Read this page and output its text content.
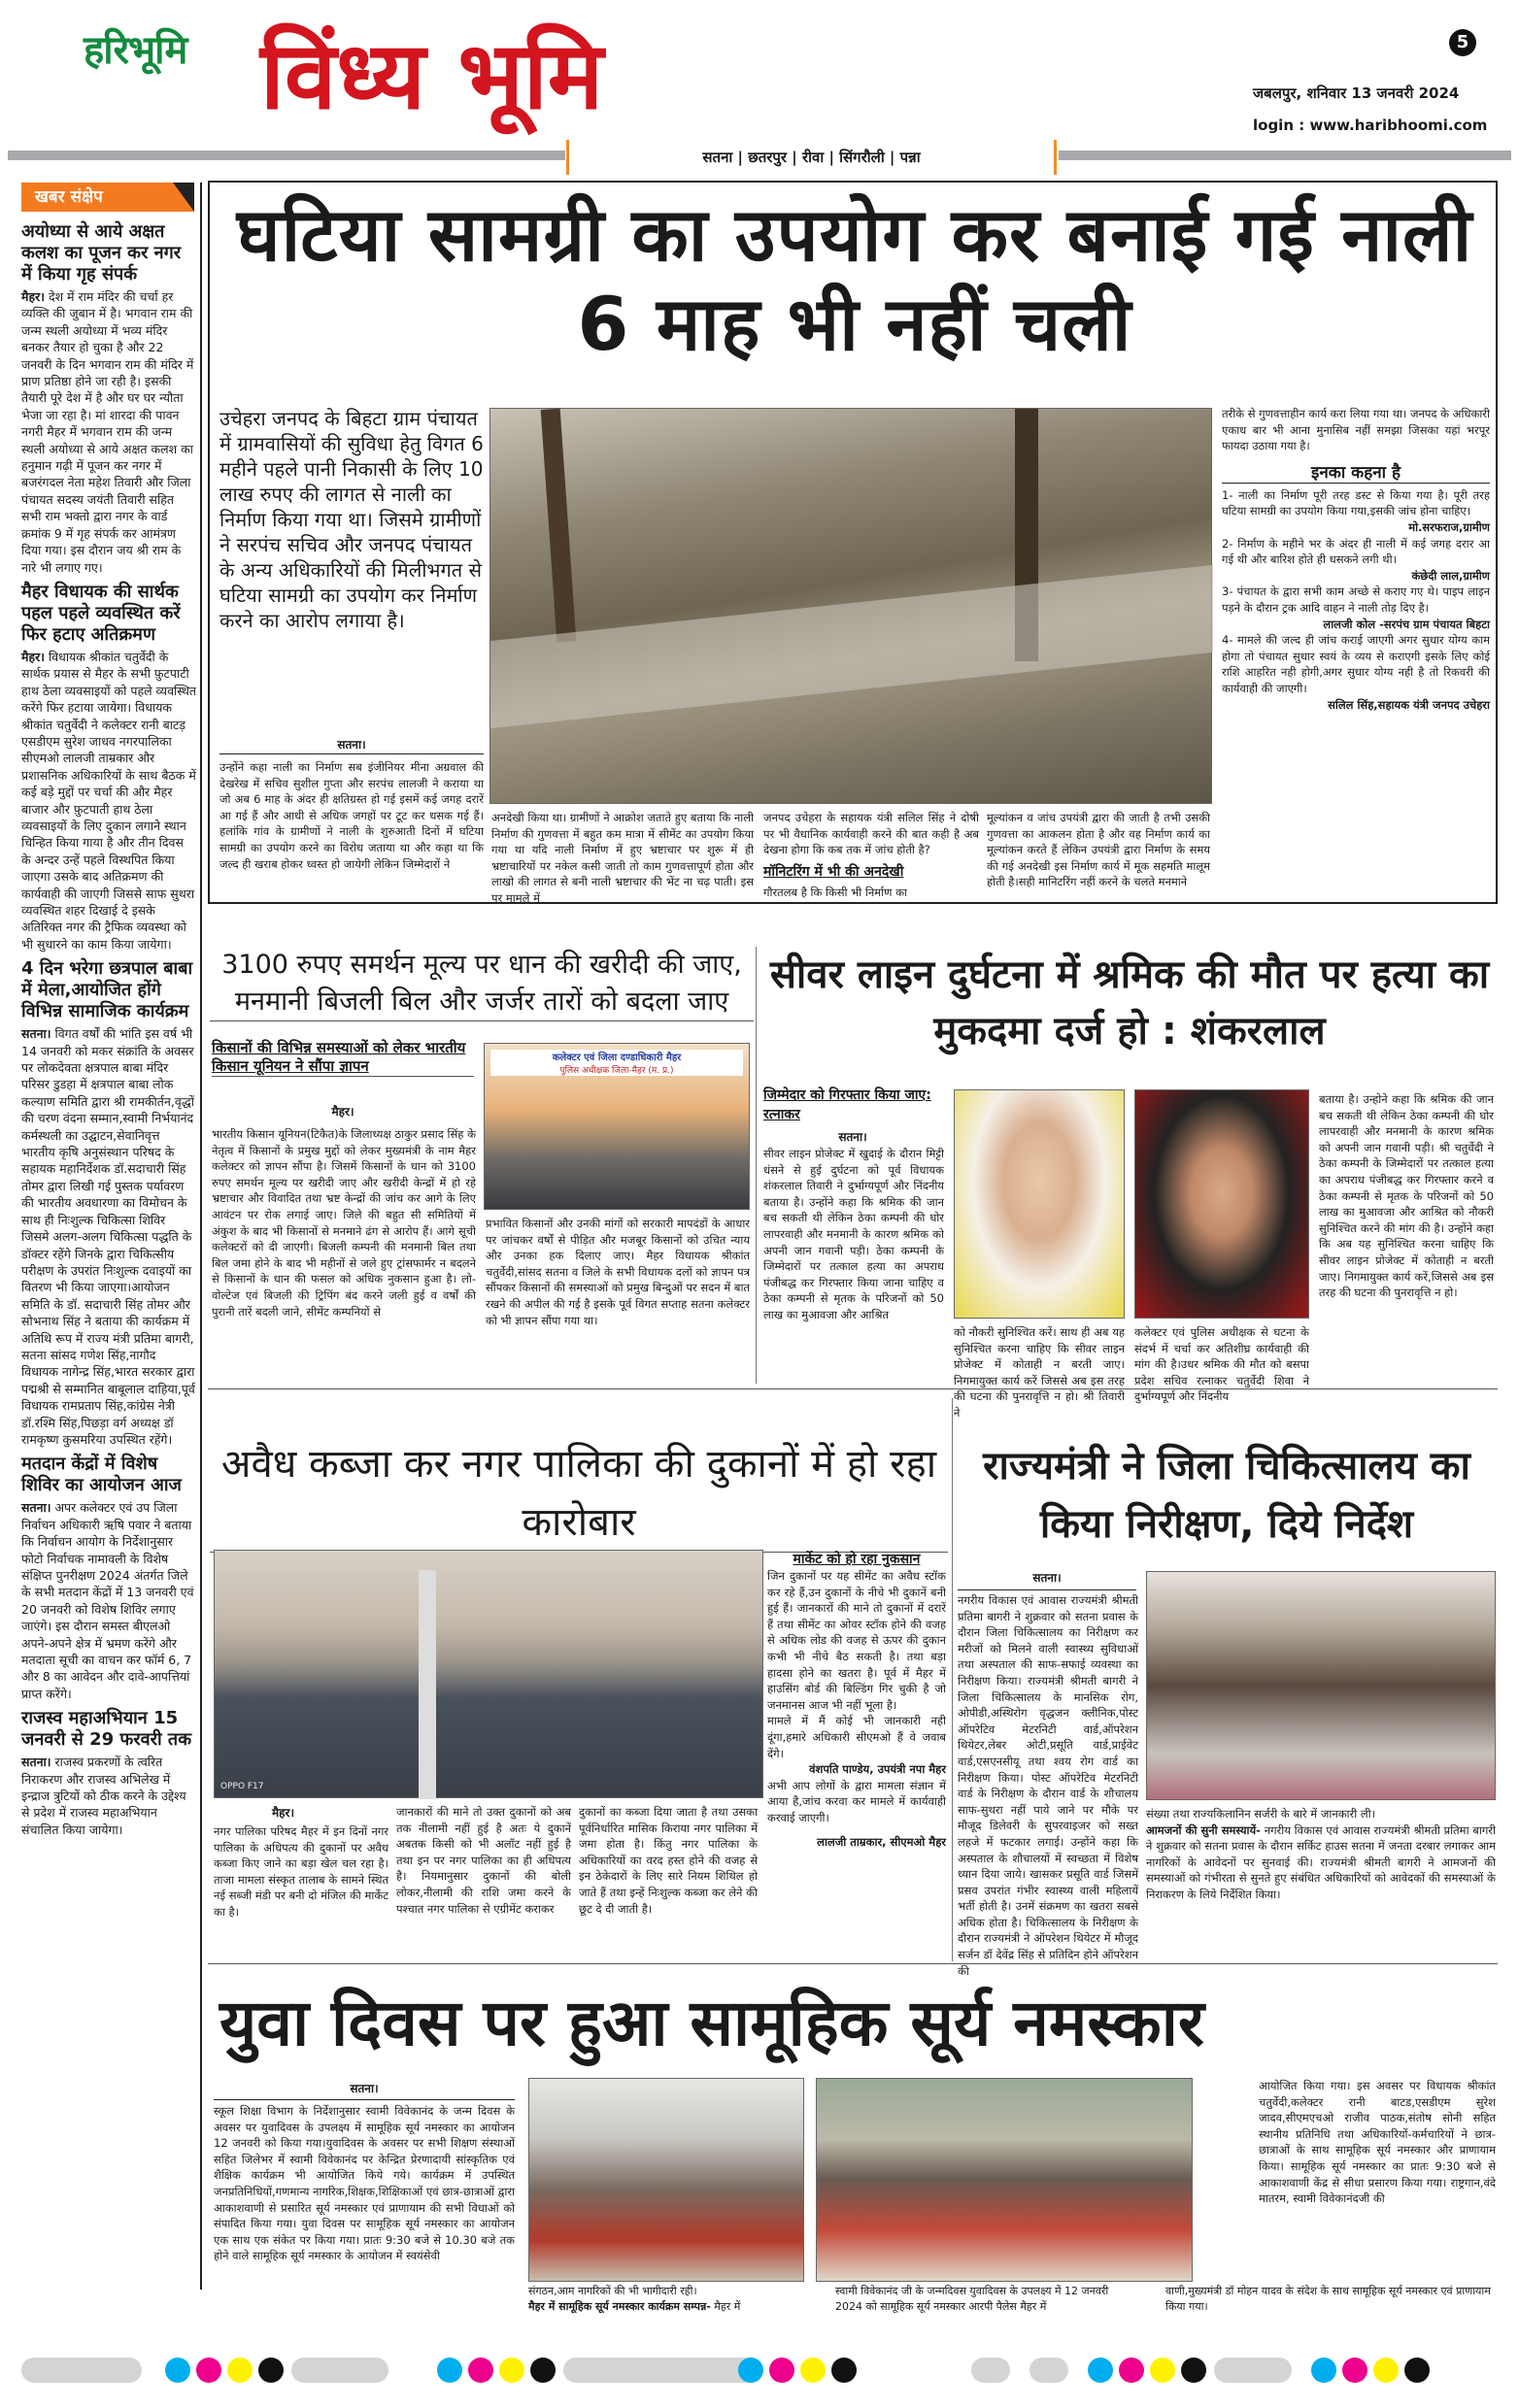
हरिभूमि विंध्य भूमि	5
जबलपुर, शनिवार 13 जनवरी 2024
login : www.haribhoomi.com
सतना | छतरपुर | रीवा | सिंगरौली | पन्ना
खबर संक्षेप
अयोध्या से आये अक्षत कलश का पूजन कर नगर में किया गृह संपर्क

मैहर। देश में राम मंदिर की चर्चा हर व्यक्ति की जुबान में है। भगवान राम की जन्म स्थली अयोध्या में भव्य मंदिर बनकर तैयार हो चुका है और 22 जनवरी के दिन भगवान राम की मंदिर में प्राण प्रतिष्ठा होने जा रही है। इसकी तैयारी पूरे देश में है और घर घर न्यौता भेजा जा रहा है। मां शारदा की पावन नगरी मैहर में भगवान राम की जन्म स्थली अयोध्या से आये अक्षत कलश का हनुमान गढ़ी में पूजन कर नगर में बजरंगदल नेता महेश तिवारी और जिला पंचायत सदस्य जयंती तिवारी सहित सभी राम भक्तो द्वारा नगर के वार्ड क्रमांक 9 में गृह संपर्क कर आमंत्रण दिया गया। इस दौरान जय श्री राम के नारे भी लगाए गए।

मैहर विधायक की सार्थक पहल पहले व्यवस्थित करें फिर हटाए अतिक्रमण

मैहर। विधायक श्रीकांत चतुर्वेदी के सार्थक प्रयास से मैहर के सभी फ़ुटपाटी हाथ ठेला व्यवसाइयों को पहले व्यवस्थित करेंगे फिर हटाया जायेगा। विधायक श्रीकांत चतुर्वेदी ने कलेक्टर रानी बाटड़ एसडीएम सुरेश जाधव नगरपालिका सीएमओ लालजी ताम्रकार और प्रशासनिक अधिकारियों के साथ बैठक में कई बड़े मुद्दों पर चर्चा की और मैहर बाजार और फ़ुटपाती हाथ ठेला व्यवसाइयों के लिए दुकान लगाने स्थान चिन्हित किया गाया है और तीन दिवस के अन्दर उन्हें पहले विस्थपित किया जाएगा उसके बाद अतिक्रमण की कार्यवाही की जाएगी जिससे साफ सुथरा व्यवस्थित शहर दिखाई दे इसके अतिरिक्त नगर की ट्रैफिक व्यवस्था को भी सुधारने का काम किया जायेगा।

4 दिन भरेगा छत्रपाल बाबा में मेला,आयोजित होंगे विभिन्न सामाजिक कार्यक्रम

सतना। विगत वर्षों की भांति इस वर्ष भी 14 जनवरी को मकर संक्रांति के अवसर पर लोकदेवता क्षत्रपाल बाबा मंदिर परिसर डुडहा में क्षत्रपाल बाबा लोक कल्याण समिति द्वारा श्री रामकीर्तन,वृद्धों की चरण वंदना सम्मान,स्वामी निर्भयानंद कर्मस्थली का उद्घाटन,सेवानिवृत्त भारतीय कृषि अनुसंस्थान परिषद के सहायक महानिर्देशक डॉ.सदाचारी सिंह तोमर द्वारा लिखी गई पुस्तक पर्यावरण की भारतीय अवधारणा का विमोचन के साथ ही निःशुल्क चिकित्सा शिविर जिसमे अलग-अलग चिकित्सा पद्धति के डॉक्टर रहेंगे जिनके द्वारा चिकित्सीय परीक्षण के उपरांत निःशुल्क दवाइयों का वितरण भी किया जाएगा।आयोजन समिति के डॉ. सदाचारी सिंह तोमर और सोभनाथ सिंह ने बताया की कार्यक्रम में अतिथि रूप में राज्य मंत्री प्रतिमा बागरी, सतना सांसद गणेश सिंह,नागौद विधायक नागेन्द्र सिंह,भारत सरकार द्वारा पद्मश्री से सम्मानित बाबूलाल दाहिया,पूर्व विधायक रामप्रताप सिंह,कांग्रेस नेत्री डॉ.रश्मि सिंह,पिछड़ा वर्ग अध्यक्ष डॉ रामकृष्ण कुसमरिया उपस्थित रहेंगे।

मतदान केंद्रों में विशेष शिविर का आयोजन आज

सतना। अपर कलेक्टर एवं उप जिला निर्वाचन अधिकारी ऋषि पवार ने बताया कि निर्वाचन आयोग के निर्देशानुसार फोटो निर्वाचक नामावली के विशेष संक्षिप्त पुनरीक्षण 2024 अंतर्गत जिले के सभी मतदान केंद्रों में 13 जनवरी एवं 20 जनवरी को विशेष शिविर लगाए जाएंगे। इस दौरान समस्त बीएलओ अपने-अपने क्षेत्र में भ्रमण करेंगे और मतदाता सूची का वाचन कर फॉर्म 6, 7 और 8 का आवेदन और दावे-आपत्तियां प्राप्त करेंगे।

राजस्व महाअभियान 15 जनवरी से 29 फरवरी तक

सतना। राजस्व प्रकरणों के त्वरित निराकरण और राजस्व अभिलेख में इन्द्राज त्रुटियों को ठीक करने के उद्देश्य से प्रदेश में राजस्व महाअभियान संचालित किया जायेगा।

घटिया सामग्री का उपयोग कर बनाई गई नाली 6 माह भी नहीं चली
उचेहरा जनपद के बिहटा ग्राम पंचायत में ग्रामवासियों की सुविधा हेतु विगत 6 महीने पहले पानी निकासी के लिए 10 लाख रुपए की लागत से नाली का निर्माण किया गया था। जिसमे ग्रामीणों ने सरपंच सचिव और जनपद पंचायत के अन्य अधिकारियों की मिलीभगत से घटिया सामग्री का उपयोग कर निर्माण करने का आरोप लगाया है।
सतना।
उन्होंने कहा नाली का निर्माण सब इंजीनियर मीना अग्रवाल की देखरेख में सचिव सुशील गुप्ता और सरपंच लालजी ने कराया था जो अब 6 माह के अंदर ही क्षतिग्रस्त हो गई इसमें कई जगह दरारें आ गई हैं और आधी से अधिक जगहों पर टूट कर धसक गई हैं। हलांकि गांव के ग्रामीणों ने नाली के शुरुआती दिनों में घटिया सामग्री का उपयोग करने का विरोध जताया था और कहा था कि जल्द ही खराब होकर ध्वस्त हो जायेगी लेकिन जिम्मेदारों ने
अनदेखी किया था। ग्रामीणों ने आक्रोश जताते हुए बताया कि नाली निर्माण की गुणवत्ता में बहुत कम मात्रा में सीमेंट का उपयोग किया गया था यदि नाली निर्माण में हुए भ्रष्टाचार पर शुरू में ही भ्रष्टाचारियों पर नकेल कसी जाती तो काम गुणवत्तापूर्ण होता और लाखो की लागत से बनी नाली भ्रष्टाचार की भेंट ना चढ़ पाती। इस पर मामले में
जनपद उचेहरा के सहायक यंत्री सलिल सिंह ने दोषी पर भी वैधानिक कार्यवाही करने की बात कही है अब देखना होगा कि कब तक में जांच होती है?
मॉनिटरिंग में भी की अनदेखी
गौरतलब है कि किसी भी निर्माण का
मूल्यांकन व जांच उपयंत्री द्वारा की जाती है तभी उसकी गुणवत्ता का आकलन होता है और वह निर्माण कार्य का मूल्यांकन करते हैं लेकिन उपयंत्री द्वारा निर्माण के समय की गई अनदेखी इस निर्माण कार्य में मूक सहमति मालूम होती है।सही मानिटरिंग नहीं करने के चलते मनमाने
तरीके से गुणवत्ताहीन कार्य करा लिया गया था। जनपद के अधिकारी एकाध बार भी आना मुनासिब नहीं समझा जिसका यहां भरपूर फायदा उठाया गया है।
इनका कहना है
1- नाली का निर्माण पूरी तरह डस्ट से किया गया है। पूरी तरह घटिया सामग्री का उपयोग किया गया,इसकी जांच होना चाहिए।
मो.सरफराज,ग्रामीण
2- निर्माण के महीने भर के अंदर ही नाली में कई जगह दरार आ गई थी और बारिश होते ही धसकने लगी थी।
कंछेदी लाल,ग्रामीण
3- पंचायत के द्वारा सभी काम अच्छे से कराए गए थे। पाइप लाइन पड़ने के दौरान ट्रक आदि वाहन ने नाली तोड़ दिए है।
लालजी कोल -सरपंच ग्राम पंचायत बिहटा
4- मामले की जल्द ही जांच कराई जाएगी अगर सुधार योग्य काम होगा तो पंचायत सुधार स्वयं के व्यय से कराएगी इसके लिए कोई राशि आहरित नही होगी,अगर सुधार योग्य नही है तो रिकवरी की कार्यवाही की जाएगी।
सलिल सिंह,सहायक यंत्री जनपद उचेहरा
3100 रुपए समर्थन मूल्य पर धान की खरीदी की जाए, मनमानी बिजली बिल और जर्जर तारों को बदला जाए
किसानों की विभिन्न समस्याओं को लेकर भारतीय किसान यूनियन ने सौंपा ज्ञापन
मैहर।
कलेक्टर एवं जिला दण्डाधिकारी मैहर
पुलिस अधीक्षक जिला-मैहर (म. प्र.)
भारतीय किसान यूनियन(टिकैत)के जिलाध्यक्ष ठाकुर प्रसाद सिंह के नेतृत्व में किसानों के प्रमुख मुद्दों को लेकर मुख्यमंत्री के नाम मैहर कलेक्टर को ज्ञापन सौंपा है। जिसमें किसानों के धान को 3100 रुपए समर्थन मूल्य पर खरीदी जाए और खरीदी केन्द्रों में हो रहे भ्रष्टाचार और विवादित तथा भ्रष्ट केन्द्रों की जांच कर आगे के लिए आवंटन पर रोक लगाई जाए। जिले की बहुत सी समितियों में अंकुश के बाद भी किसानों से मनमाने ढंग से आरोप हैं। आगे सूची कलेक्टरों को दी जाएगी। बिजली कम्पनी की मनमानी बिल तथा बिल जमा होने के बाद भी महीनों से जले हुए ट्रांसफार्मर न बदलने से किसानों के धान की फसल को अधिक नुकसान हुआ है। लो-वोल्टेज एवं बिजली की ट्रिपिंग बंद करने जली हुई व वर्षों की पुरानी तारें बदली जाने, सीमेंट कम्पनियों से
प्रभावित किसानों और उनकी मांगों को सरकारी मापदंडों के आधार पर जांचकर वर्षों से पीड़ित और मजबूर किसानों को उचित न्याय और उनका हक दिलाए जाए। मैहर विधायक श्रीकांत चतुर्वेदी,सांसद सतना व जिले के सभी विधायक दलों को ज्ञापन पत्र सौंपकर किसानों की समस्याओं को प्रमुख बिन्दुओं पर सदन में बात रखने की अपील की गई है इसके पूर्व विगत सप्ताह सतना कलेक्टर को भी ज्ञापन सौंपा गया था।
सीवर लाइन दुर्घटना में श्रमिक की मौत पर हत्या का मुकदमा दर्ज हो : शंकरलाल
जिम्मेदार को गिरफ्तार किया जाए: रत्नाकर
सतना।
सीवर लाइन प्रोजेक्ट में खुदाई के दौरान मिट्टी धंसने से हुई दुर्घटना को पूर्व विधायक शंकरलाल तिवारी ने दुर्भाग्यपूर्ण और निंदनीय बताया है। उन्होंने कहा कि श्रमिक की जान बच सकती थी लेकिन ठेका कम्पनी की घोर लापरवाही और मनमानी के कारण श्रमिक को अपनी जान गवानी पड़ी। ठेका कम्पनी के जिम्मेदारों पर तत्काल हत्या का अपराध पंजीबद्ध कर गिरफ्तार किया जाना चाहिए व ठेका कम्पनी से मृतक के परिजनों को 50 लाख का मुआवजा और आश्रित
को नौकरी सुनिश्चित करें। साथ ही अब यह सुनिश्चित करना चाहिए कि सीवर लाइन प्रोजेक्ट में कोताही न बरती जाए। निगमायुक्त कार्य करें जिससे अब इस तरह की घटना की पुनरावृत्ति न हो। श्री तिवारी ने
कलेक्टर एवं पुलिस अधीक्षक से घटना के संदर्भ में चर्चा कर अतिशीघ्र कार्यवाही की मांग की है।उधर श्रमिक की मौत को बसपा प्रदेश सचिव रत्नाकर चतुर्वेदी शिवा ने दुर्भाग्यपूर्ण और निंदनीय
बताया है। उन्होने कहा कि श्रमिक की जान बच सकती थी लेकिन ठेका कम्पनी की घोर लापरवाही और मनमानी के कारण श्रमिक को अपनी जान गवानी पड़ी। श्री चतुर्वेदी ने ठेका कम्पनी के जिम्मेदारों पर तत्काल हत्या का अपराध पंजीबद्ध कर गिरफ्तार करने व ठेका कम्पनी से मृतक के परिजनों को 50 लाख का मुआवजा और आश्रित को नौकरी सुनिश्चित करने की मांग की है। उन्होंने कहा कि अब यह सुनिश्चित करना चाहिए कि सीवर लाइन प्रोजेक्ट में कोताही न बरती जाए। निगमायुक्त कार्य करें,जिससे अब इस तरह की घटना की पुनरावृत्ति न हो।
अवैध कब्जा कर नगर पालिका की दुकानों में हो रहा कारोबार
OPPO F17
मैहर।
नगर पालिका परिषद मैहर में इन दिनों नगर पालिका के अधिपत्य की दुकानों पर अवैध कब्जा किए जाने का बड़ा खेल चल रहा है। ताजा मामला संस्कृत तालाब के सामने स्थित नई सब्जी मंडी पर बनी दो मंजिल की मार्केट का है।
जानकारों की माने तो उक्त दुकानों को अब तक नीलामी नहीं हुई है अतः ये दुकानें अबतक किसी को भी अलॉट नहीं हुई है तथा इन पर नगर पालिका का ही अधिपत्य है। नियमानुसार दुकानों की बोली लोकर,नीलामी की राशि जमा करने के पश्चात नगर पालिका से एग्रीमेंट कराकर
दुकानों का कब्जा दिया जाता है तथा उसका पूर्वनिर्धारित मासिक किराया नगर पालिका में जमा होता है। किंतु नगर पालिका के अधिकारियों का वरद हस्त होने की वजह से इन ठेकेदारों के लिए सारे नियम शिथिल हो जाते हैं तथा इन्हें निःशुल्क कब्जा कर लेने की छूट दे दी जाती है।
मार्केट को हो रहा नुकसान
जिन दुकानों पर यह सीमेंट का अवैध स्टॉक कर रहे हैं,उन दुकानों के नीचे भी दुकानें बनी हुई हैं। जानकारों की माने तो दुकानों में दरारें हैं तथा सीमेंट का ओवर स्टॉक होने की वजह से अधिक लोड की वजह से ऊपर की दुकान कभी भी नीचे बैठ सकती है। तथा बड़ा हादसा होने का खतरा है। पूर्व में मैहर में हाउसिंग बोर्ड की बिल्डिंग गिर चुकी है जो जनमानस आज भी नहीं भूला है।
मामले में मैं कोई भी जानकारी नही दूंगा,हमारे अधिकारी सीएमओ हैं वे जवाब देंगे।
वंशपति पाण्डेय, उपयंत्री नपा मैहर
अभी आप लोगों के द्वारा मामला संज्ञान में आया है,जांच करवा कर मामले में कार्यवाही करवाई जाएगी।
लालजी ताम्रकार, सीएमओ मैहर
राज्यमंत्री ने जिला चिकित्सालय का किया निरीक्षण, दिये निर्देश
सतना।
नगरीय विकास एवं आवास राज्यमंत्री श्रीमती प्रतिमा बागरी ने शुक्रवार को सतना प्रवास के दौरान जिला चिकित्सालय का निरीक्षण कर मरीजों को मिलने वाली स्वास्थ्य सुविधाओं तथा अस्पताल की साफ-सफाई व्यवस्था का निरीक्षण किया। राज्यमंत्री श्रीमती बागरी ने जिला चिकित्सालय के मानसिक रोग, ओपीडी,अस्थिरोग वृद्धजन क्लीनिक,पोस्ट ऑपरेटिव मेटरनिटी वार्ड,ऑपरेशन थियेटर,लेबर ओटी,प्रसूति वार्ड,प्राईवेट वार्ड,एसएनसीयू तथा श्वय रोग वार्ड का निरीक्षण किया। पोस्ट ऑपरेटिव मेटरनिटी वार्ड के निरीक्षण के दौरान वार्ड के शौचालय साफ-सुथरा नहीं पाये जाने पर मौके पर मौजूद डिलेवरी के सुपरवाइजर को सख्त लहजे में फटकार लगाई। उन्होंने कहा कि अस्पताल के शौचालयों में स्वच्छता में विशेष ध्यान दिया जाये। खासकर प्रसूति वार्ड जिसमें प्रसव उपरांत गंभीर स्वास्थ्य वाली महिलायें भर्ती होती है। उनमें संक्रमण का खतरा सबसे अधिक होता है। चिकित्सालय के निरीक्षण के दौरान राज्यमंत्री ने ऑपरेशन थियेटर में मौजूद सर्जन डॉ देवेंद्र सिंह से प्रतिदिन होने ऑपरेशन की
संख्या तथा राज्यकिलानिन सर्जरी के बारे में जानकारी ली।
आमजनों की सुनी समस्यायें- नगरीय विकास एवं आवास राज्यमंत्री श्रीमती प्रतिमा बागरी ने शुक्रवार को सतना प्रवास के दौरान सर्किट हाउस सतना में जनता दरबार लगाकर आम नागरिकों के आवेदनों पर सुनवाई की। राज्यमंत्री श्रीमती बागरी ने आमजनों की समस्याओं को गंभीरता से सुनते हुए संबंधित अधिकारियों को आवेदकों की समस्याओं के निराकरण के लिये निर्देशित किया।
युवा दिवस पर हुआ सामूहिक सूर्य नमस्कार
सतना।
स्कूल शिक्षा विभाग के निर्देशानुसार स्वामी विवेकानंद के जन्म दिवस के अवसर पर युवादिवस के उपलक्ष्य में सामूहिक सूर्य नमस्कार का आयोजन 12 जनवरी को किया गया।युवादिवस के अवसर पर सभी शिक्षण संस्थाओं सहित जिलेभर में स्वामी विवेकानंद पर केन्द्रित प्रेरणादायी सांस्कृतिक एवं शैक्षिक कार्यक्रम भी आयोजित किये गये। कार्यक्रम में उपस्थित जनप्रतिनिधियों,गणमान्य नागरिक,शिक्षक,शिक्षिकाओं एवं छात्र-छात्राओं द्वारा आकाशवाणी से प्रसारित सूर्य नमस्कार एवं प्राणायाम की सभी विधाओं को संपादित किया गया। युवा दिवस पर सामूहिक सूर्य नमस्कार का आयोजन एक साथ एक संकेत पर किया गया। प्रातः 9:30 बजे से 10.30 बजे तक होने वाले सामूहिक सूर्य नमस्कार के आयोजन में स्वयंसेवी
संगठन,आम नागरिकों की भी भागीदारी रही।
मैहर में सामूहिक सूर्य नमस्कार कार्यक्रम सम्पन्न- मैहर में
स्वामी विवेकानंद जी के जन्मदिवस युवादिवस के उपलक्ष्य में 12 जनवरी 2024 को सामूहिक सूर्य नमस्कार आरपी पैलेस मैहर में
आयोजित किया गया। इस अवसर पर विधायक श्रीकांत चतुर्वेदी,कलेक्टर रानी बाटड,एसडीएम सुरेश जादव,सीएमएचओ राजीव पाठक,संतोष सोनी सहित स्थानीय प्रतिनिधि तथा अधिकारियों-कर्मचारियों ने छात्र-छात्राओं के साथ सामूहिक सूर्य नमस्कार और प्राणायाम किया। सामूहिक सूर्य नमस्कार का प्रातः 9:30 बजे से आकाशवाणी केंद्र से सीधा प्रसारण किया गया। राष्ट्रगान,वंदे मातरम, स्वामी विवेकानंदजी की
वाणी,मुख्यमंत्री डॉ मोहन यादव के संदेश के साथ सामूहिक सूर्य नमस्कार एवं प्राणायाम किया गया।
